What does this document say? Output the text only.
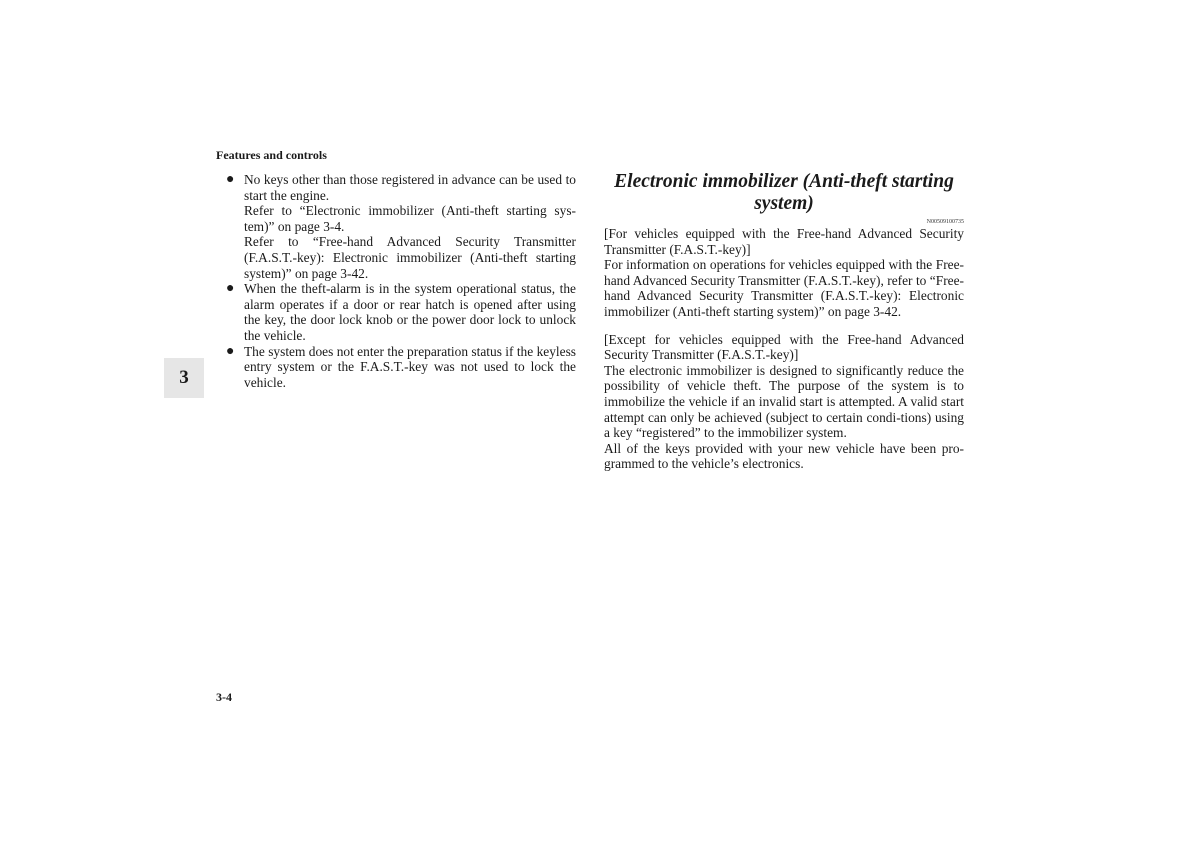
Features and controls
3
● No keys other than those registered in advance can be used to start the engine.

Refer to “Electronic immobilizer (Anti-theft starting sys-tem)” on page 3-4.

Refer to “Free-hand Advanced Security Transmitter (F.A.S.T.-key): Electronic immobilizer (Anti-theft starting system)” on page 3-42.

● When the theft-alarm is in the system operational status, the alarm operates if a door or rear hatch is opened after using the key, the door lock knob or the power door lock to unlock the vehicle.

● The system does not enter the preparation status if the keyless entry system or the F.A.S.T.-key was not used to lock the vehicle.

Electronic immobilizer (Anti-theft starting
system)
N00509100735

[For vehicles equipped with the Free-hand Advanced Security Transmitter (F.A.S.T.-key)]

For information on operations for vehicles equipped with the Free-hand Advanced Security Transmitter (F.A.S.T.-key), refer to “Free-hand Advanced Security Transmitter (F.A.S.T.-key): Electronic immobilizer (Anti-theft starting system)” on page 3-42.

[Except for vehicles equipped with the Free-hand Advanced Security Transmitter (F.A.S.T.-key)]

The electronic immobilizer is designed to significantly reduce the possibility of vehicle theft. The purpose of the system is to immobilize the vehicle if an invalid start is attempted. A valid start attempt can only be achieved (subject to certain condi-tions) using a key “registered” to the immobilizer system.

All of the keys provided with your new vehicle have been pro-grammed to the vehicle’s electronics.

3-4
